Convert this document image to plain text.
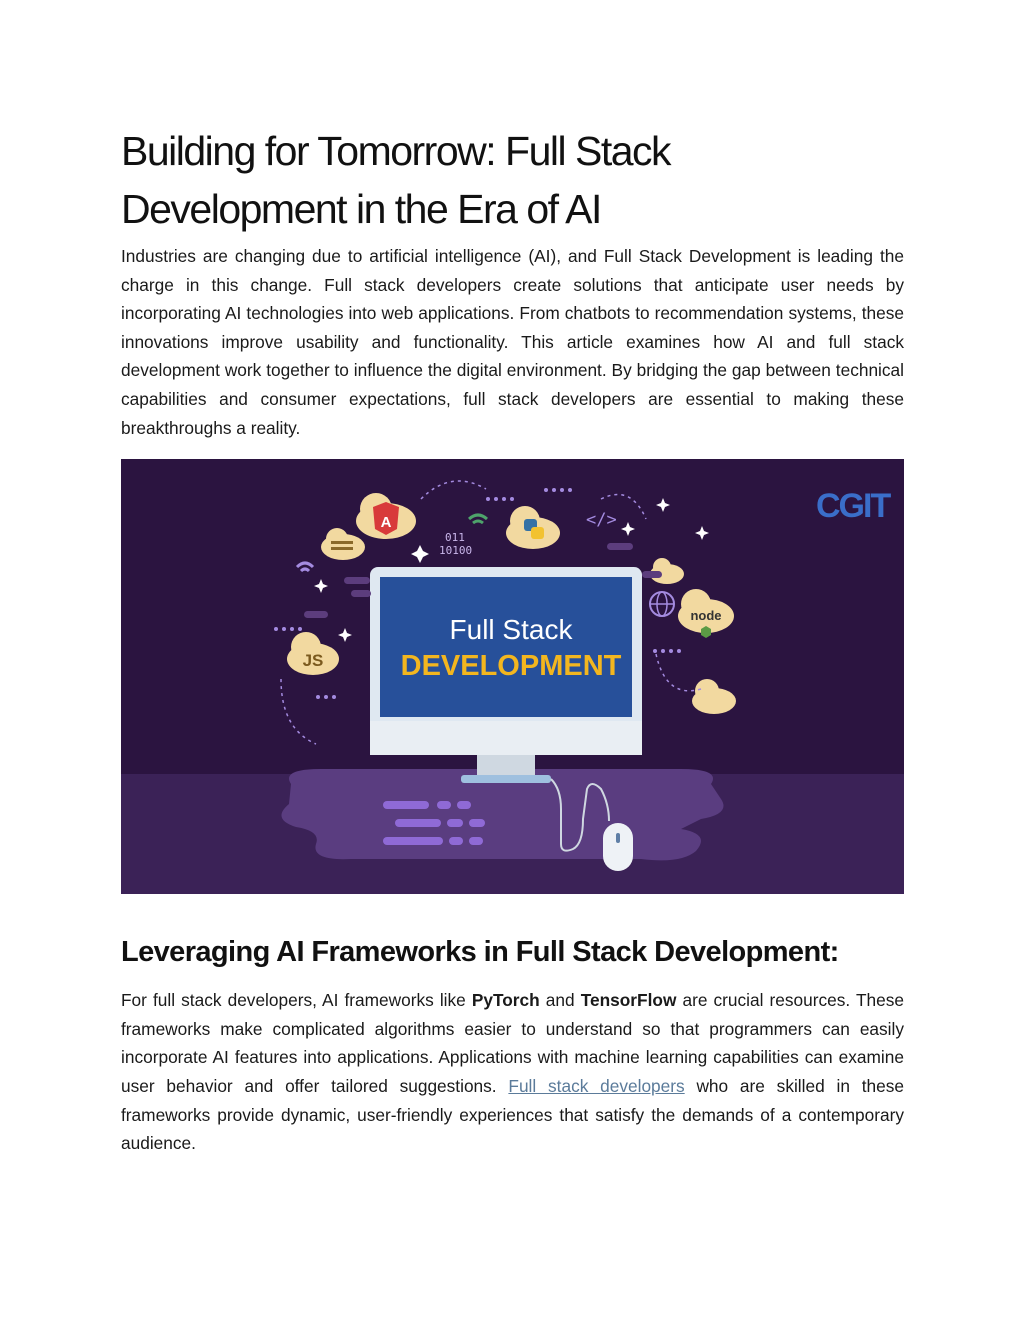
Building for Tomorrow: Full Stack
Development in the Era of AI

Industries are changing due to artificial intelligence (AI), and Full Stack Development is leading the charge in this change. Full stack developers create solutions that anticipate user needs by incorporating AI technologies into web applications. From chatbots to recommendation systems, these innovations improve usability and functionality. This article examines how AI and full stack development work together to influence the digital environment. By bridging the gap between technical capabilities and consumer expectations, full stack developers are essential to making these breakthroughs a reality.

Full Stack
DEVELOPMENT
A
JS
node
011
10100
</>	CGIT
Leveraging AI Frameworks in Full Stack Development:

For full stack developers, AI frameworks like PyTorch and TensorFlow are crucial resources. These frameworks make complicated algorithms easier to understand so that programmers can easily incorporate AI features into applications. Applications with machine learning capabilities can examine user behavior and offer tailored suggestions. Full stack developers who are skilled in these frameworks provide dynamic, user-friendly experiences that satisfy the demands of a contemporary audience.
